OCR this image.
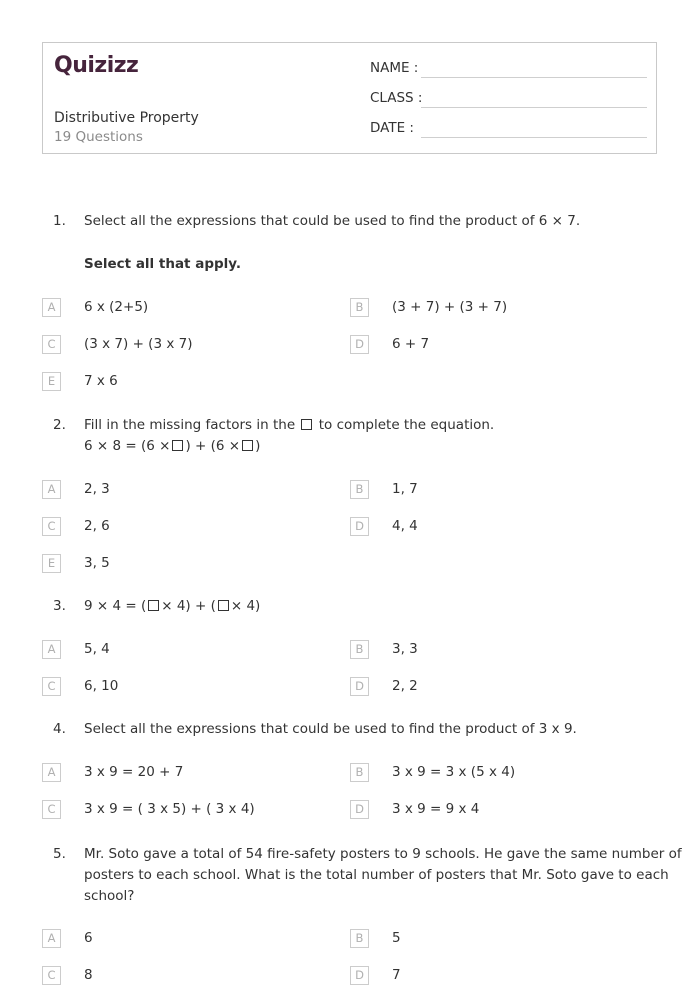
Quizizz
Distributive Property
19 Questions
NAME :
CLASS :
DATE :
1. Select all the expressions that could be used to find the product of 6 × 7.
Select all that apply.
A	6 x (2+5)	B	(3 + 7) + (3 + 7)
C	(3 x 7) + (3 x 7)	D	6 + 7
E	7 x 6
2. Fill in the missing factors in the to complete the equation.
6 × 8 = (6 × ) + (6 × )
A	2, 3	B	1, 7
C	2, 6	D	4, 4
E	3, 5
3. 9 × 4 = ( × 4) + ( × 4)
A	5, 4	B	3, 3
C	6, 10	D	2, 2
4. Select all the expressions that could be used to find the product of 3 x 9.
A	3 x 9 = 20 + 7	B	3 x 9 = 3 x (5 x 4)
C	3 x 9 = ( 3 x 5) + ( 3 x 4)	D	3 x 9 = 9 x 4
5. Mr. Soto gave a total of 54 fire-safety posters to 9 schools. He gave the same number of
posters to each school. What is the total number of posters that Mr. Soto gave to each
school?
A	6	B	5
C	8	D	7
